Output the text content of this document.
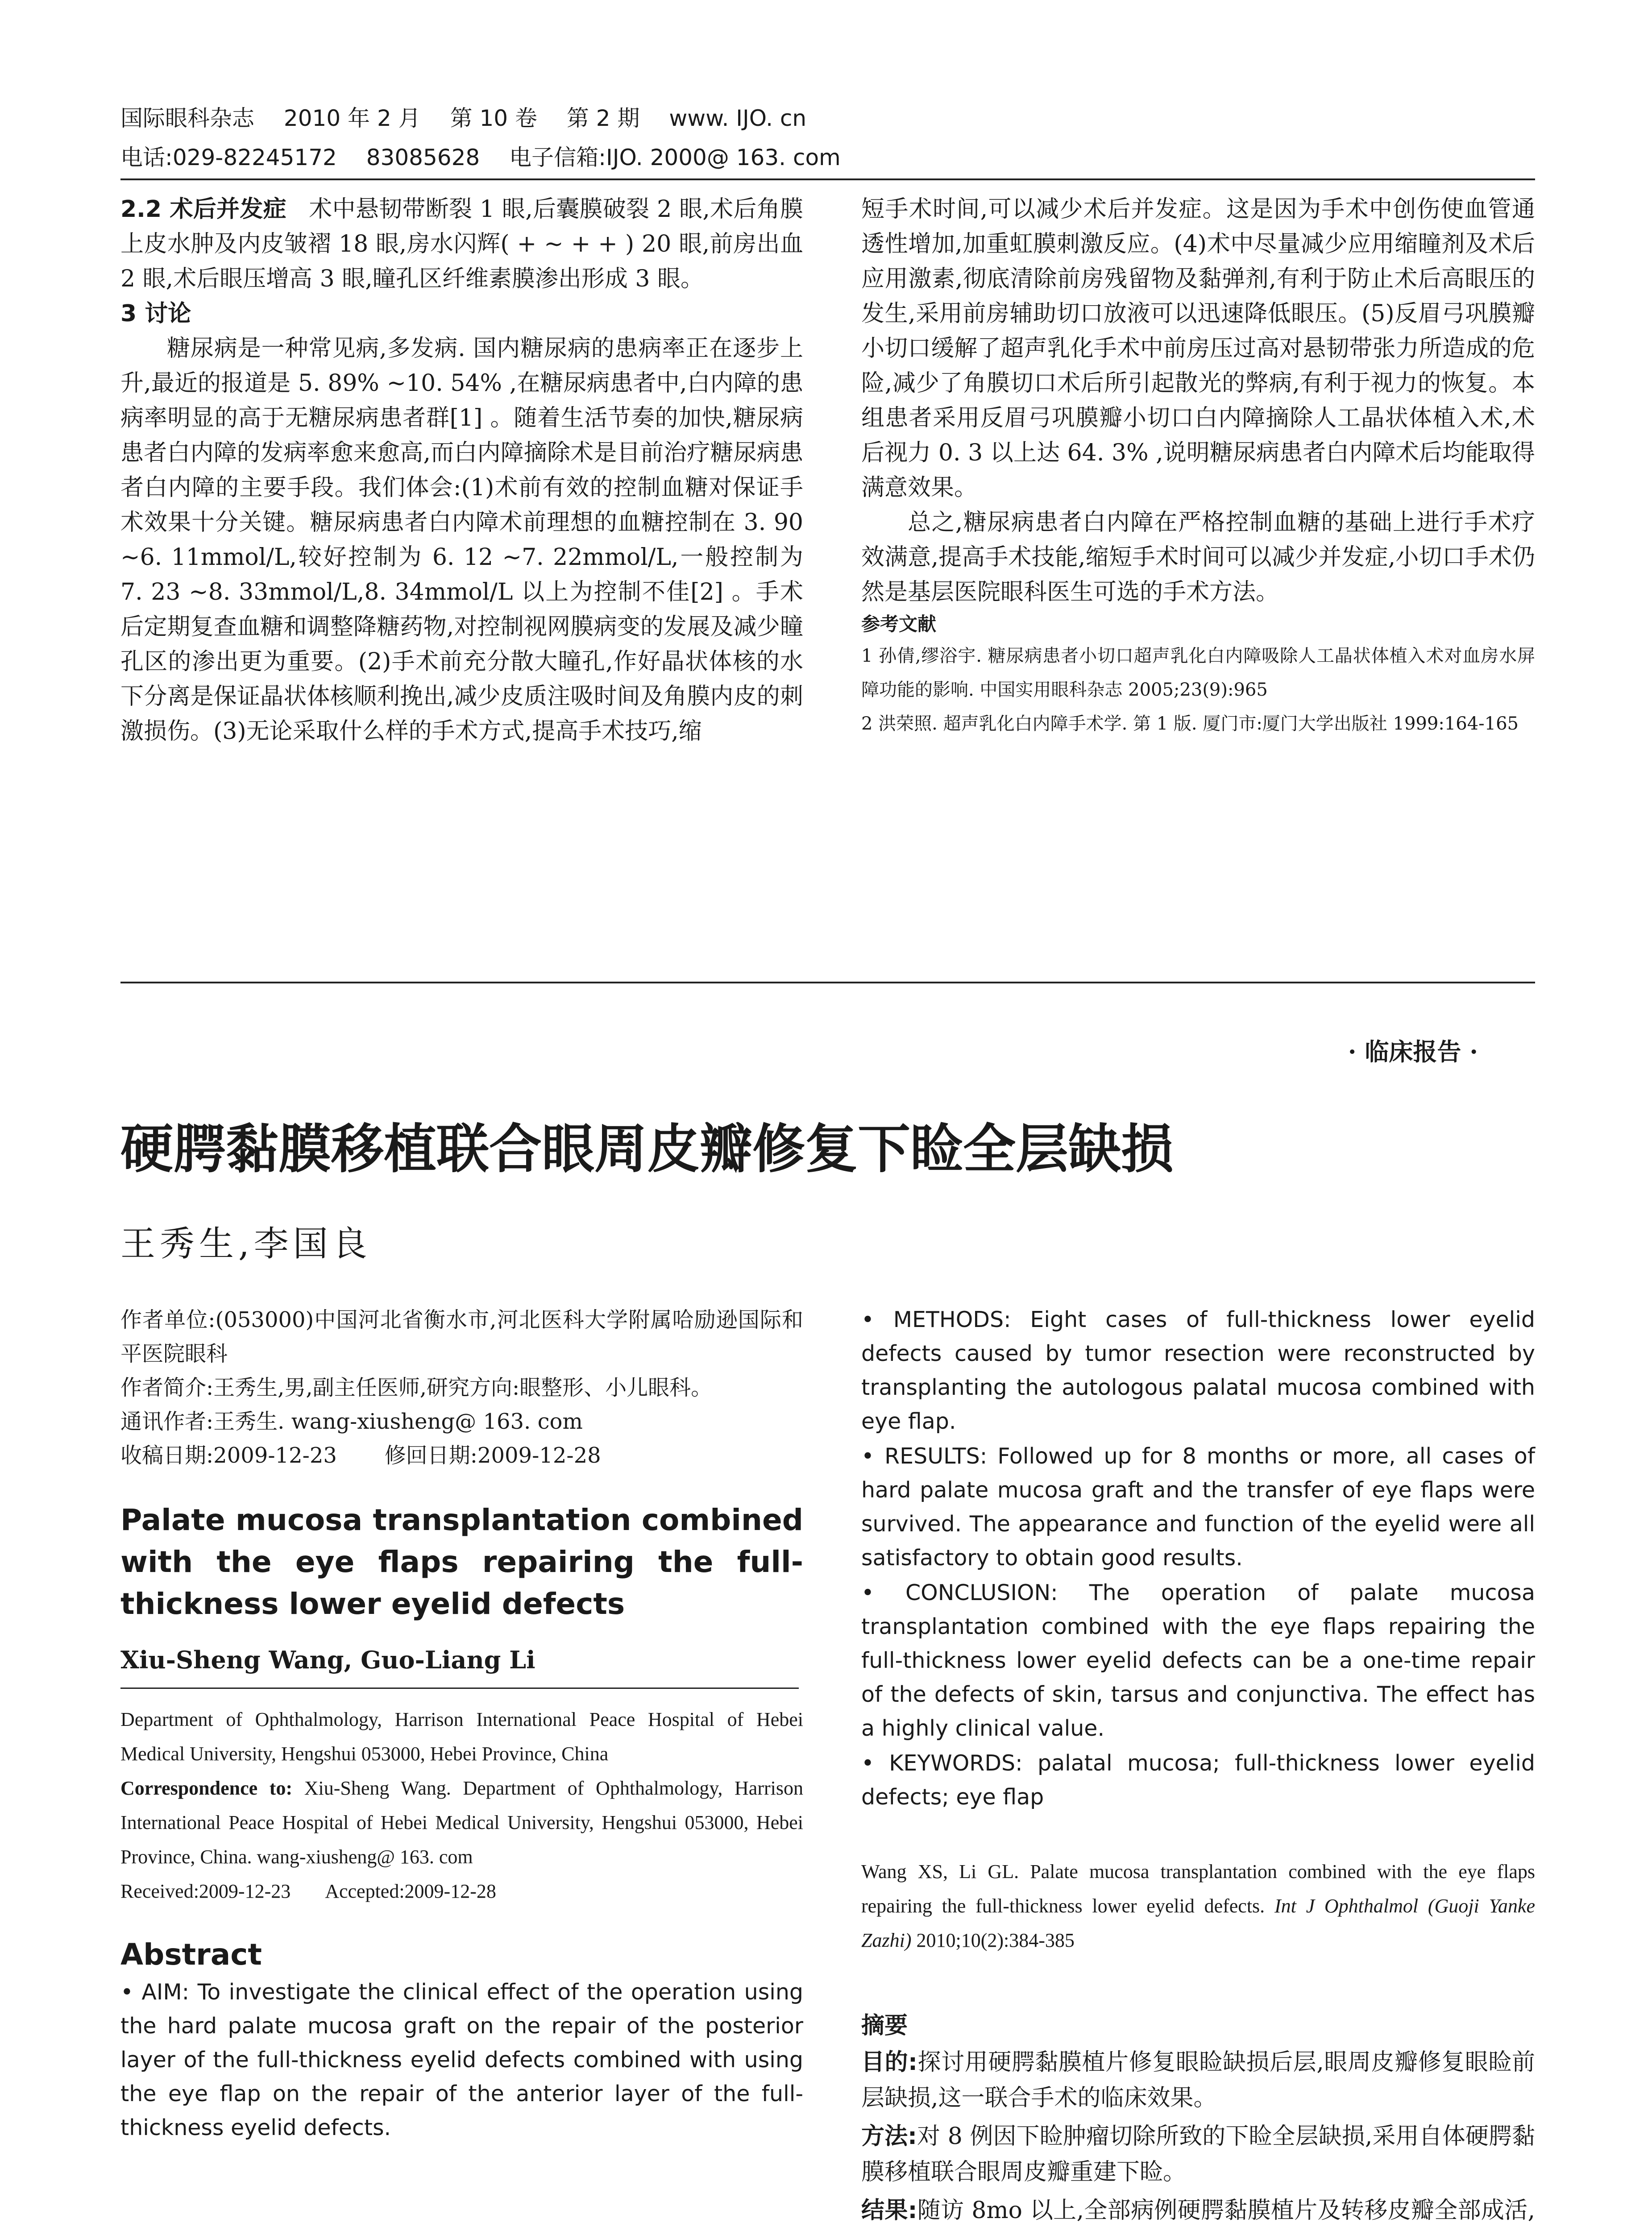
国际眼科杂志 2010 年 2 月 第 10 卷 第 2 期 www. IJO. cn
电话:029-82245172 83085628 电子信箱:IJO. 2000@ 163. com

2.2 术后并发症 术中悬韧带断裂 1 眼,后囊膜破裂 2 眼,术后角膜上皮水肿及内皮皱褶 18 眼,房水闪辉( + ~ + + ) 20 眼,前房出血 2 眼,术后眼压增高 3 眼,瞳孔区纤维素膜渗出形成 3 眼。

3 讨论

糖尿病是一种常见病,多发病. 国内糖尿病的患病率正在逐步上升,最近的报道是 5. 89% ~10. 54% ,在糖尿病患者中,白内障的患病率明显的高于无糖尿病患者群[1] 。随着生活节奏的加快,糖尿病患者白内障的发病率愈来愈高,而白内障摘除术是目前治疗糖尿病患者白内障的主要手段。我们体会:(1)术前有效的控制血糖对保证手术效果十分关键。糖尿病患者白内障术前理想的血糖控制在 3. 90 ~6. 11mmol/L,较好控制为 6. 12 ~7. 22mmol/L,一般控制为 7. 23 ~8. 33mmol/L,8. 34mmol/L 以上为控制不佳[2] 。手术后定期复查血糖和调整降糖药物,对控制视网膜病变的发展及减少瞳孔区的渗出更为重要。(2)手术前充分散大瞳孔,作好晶状体核的水下分离是保证晶状体核顺利挽出,减少皮质注吸时间及角膜内皮的刺激损伤。(3)无论采取什么样的手术方式,提高手术技巧,缩

短手术时间,可以减少术后并发症。这是因为手术中创伤使血管通透性增加,加重虹膜刺激反应。(4)术中尽量减少应用缩瞳剂及术后应用激素,彻底清除前房残留物及黏弹剂,有利于防止术后高眼压的发生,采用前房辅助切口放液可以迅速降低眼压。(5)反眉弓巩膜瓣小切口缓解了超声乳化手术中前房压过高对悬韧带张力所造成的危险,减少了角膜切口术后所引起散光的弊病,有利于视力的恢复。本组患者采用反眉弓巩膜瓣小切口白内障摘除人工晶状体植入术,术后视力 0. 3 以上达 64. 3% ,说明糖尿病患者白内障术后均能取得满意效果。

总之,糖尿病患者白内障在严格控制血糖的基础上进行手术疗效满意,提高手术技能,缩短手术时间可以减少并发症,小切口手术仍然是基层医院眼科医生可选的手术方法。

参考文献

1 孙倩,缪浴宇. 糖尿病患者小切口超声乳化白内障吸除人工晶状体植入术对血房水屏障功能的影响. 中国实用眼科杂志 2005;23(9):965

2 洪荣照. 超声乳化白内障手术学. 第 1 版. 厦门市:厦门大学出版社 1999:164-165

· 临床报告 ·
硬腭黏膜移植联合眼周皮瓣修复下睑全层缺损
王秀生,李国良

作者单位:(053000)中国河北省衡水市,河北医科大学附属哈励逊国际和平医院眼科

作者简介:王秀生,男,副主任医师,研究方向:眼整形、小儿眼科。

通讯作者:王秀生. wang-xiusheng@ 163. com

收稿日期:2009-12-23 修回日期:2009-12-28

Palate mucosa transplantation combined with the eye flaps repairing the full-thickness lower eyelid defects
Xiu-Sheng Wang, Guo-Liang Li
Department of Ophthalmology, Harrison International Peace Hospital of Hebei Medical University, Hengshui 053000, Hebei Province, China
Correspondence to: Xiu-Sheng Wang. Department of Ophthalmology, Harrison International Peace Hospital of Hebei Medical University, Hengshui 053000, Hebei Province, China. wang-xiusheng@ 163. com
Received:2009-12-23 Accepted:2009-12-28
Abstract
• AIM: To investigate the clinical effect of the operation using the hard palate mucosa graft on the repair of the posterior layer of the full-thickness eyelid defects combined with using the eye flap on the repair of the anterior layer of the full-thickness eyelid defects.

• METHODS: Eight cases of full-thickness lower eyelid defects caused by tumor resection were reconstructed by transplanting the autologous palatal mucosa combined with eye flap.

• RESULTS: Followed up for 8 months or more, all cases of hard palate mucosa graft and the transfer of eye flaps were survived. The appearance and function of the eyelid were all satisfactory to obtain good results.

• CONCLUSION: The operation of palate mucosa transplantation combined with the eye flaps repairing the full-thickness lower eyelid defects can be a one-time repair of the defects of skin, tarsus and conjunctiva. The effect has a highly clinical value.

• KEYWORDS: palatal mucosa; full-thickness lower eyelid defects; eye flap

Wang XS, Li GL. Palate mucosa transplantation combined with the eye flaps repairing the full-thickness lower eyelid defects. Int J Ophthalmol (Guoji Yanke Zazhi) 2010;10(2):384-385
摘要

目的:探讨用硬腭黏膜植片修复眼睑缺损后层,眼周皮瓣修复眼睑前层缺损,这一联合手术的临床效果。

方法:对 8 例因下睑肿瘤切除所致的下睑全层缺损,采用自体硬腭黏膜移植联合眼周皮瓣重建下睑。

结果:随访 8mo 以上,全部病例硬腭黏膜植片及转移皮瓣全部成活,
